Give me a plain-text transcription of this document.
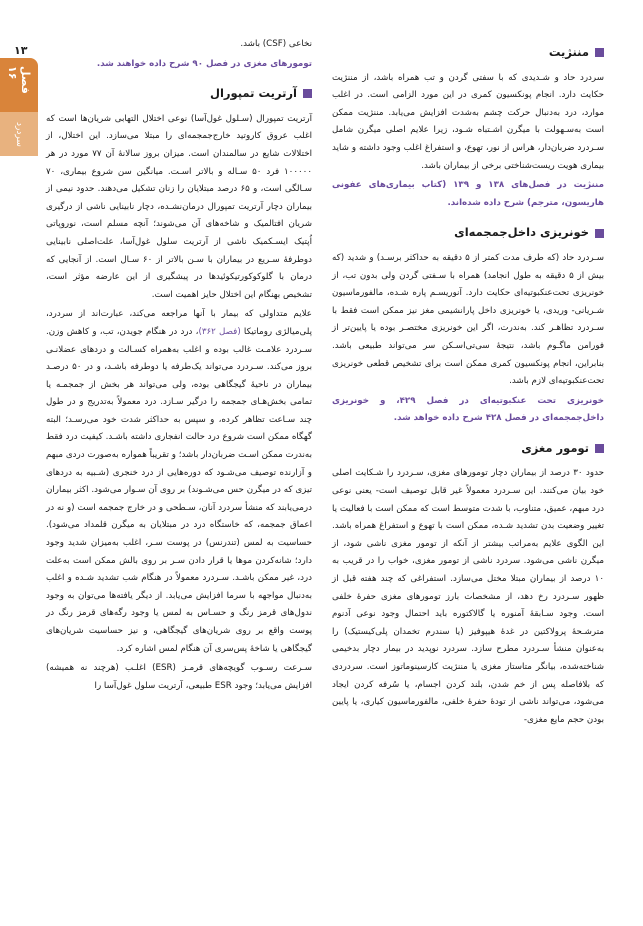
۱۳
فصل ۱۶
سردرد
مننژیت

سردرد حاد و شـدیدی که با سفتی گردن و تب همراه باشد، از مننژیت حکایت دارد. انجام پونکسیون کمری در این مورد الزامی است. در اغلب موارد، درد به‌دنبال حرکت چشم به‌شدت افزایش می‌یابد. مننژیت ممکن است به‌سـهولت با میگرن اشـتباه شـود، زیرا علایم اصلی میگرن شامل سـردرد ضربان‌دار، هراس از نور، تهوع، و استفراغ اغلب وجود داشته و شاید بیماری هویت ریست‌شناختی برخی از بیماران باشد.

مننژیت در فصل‌های ۱۳۸ و ۱۳۹ (کتاب بیماری‌های عفونی هاریسون، مترجم) شرح داده شده‌اند.

خونریزی داخل‌جمجمه‌ای

سـردرد حاد (که طرف مدت کمتر از ۵ دقیقه به حداکثر برسـد) و شدید (که بیش از ۵ دقیقه به طول انجامد) همراه با سـفتی گردن ولی بدون تب، از خونریزی تحت‌عنکبوتیه‌ای حکایت دارد. آنوریسـم پاره شـده، مالفورماسیون شـریانی- وریدی، یا خونریزی داخل پارانشیمی مغز نیز ممکن است فقط با سـردرد تظاهـر کند. به‌ندرت، اگر این خونریزی مختصـر بوده یا پایین‌تر از فورامن ماگـوم باشد، نتیجهٔ سی‌تی‌اسـکن سر می‌تواند طبیعی باشد. بنابراین، انجام پونکسیون کمری ممکن است برای تشخیص قطعی خونریزی تحت‌عنکبوتیه‌ای لازم باشد.

خونریزی تحت عنکبوتیه‌ای در فصل ۴۲۹، و خونریزی داخل‌جمجمه‌ای در فصل ۴۲۸ شرح داده خواهد شد.

تومور مغزی

حدود ۳۰ درصد از بیماران دچار تومورهای مغزی، سـردرد را شـکایت اصلی خود بیان می‌کنند. این سـردرد معمولاً غیر قابل توصیف است- یعنی نوعی درد مبهم، عمیق، متناوب، با شدت متوسط است که ممکن است با فعالیت یا تغییر وضعیت بدن تشدید شـده، ممکن است با تهوع و استفراغ همراه باشد. این الگوی علایم به‌مراتب بیشتر از آنکه از تومور مغزی ناشی شود، از میگرن ناشی می‌شود. سردرد ناشی از تومور مغزی، خواب را در قریب به ۱۰ درصد از بیماران مبتلا مختل می‌سازد. استفراغی که چند هفته قبل از ظهور سـردرد رخ دهد، از مشخصات بارز تومورهای مغزی حفرهٔ خلفی است. وجود سـابقهٔ آمنوره یا گالاکتوره باید احتمال وجود نوعی آدنوم مترشـحهٔ پرولاکتین در غدهٔ هیپوفیز (یا سندرم تخمدان پلی‌کیستیک) را به‌عنوان منشأ سـردرد مطرح سازد. سردرد نوپدید در بیمار دچار بدخیمی شناخته‌شده، بیانگر متاستاز مغزی یا مننژیت کارسینوماتوز است. سردردی که بلافاصله پس از خم شدن، بلند کردن اجسام، یا سُرفه کردن ایجاد می‌شود، می‌تواند ناشی از تودهٔ حفرهٔ خلفی، مالفورماسیون کیاری، یا پایین بودن حجم مایع مغزی-

نخاعی (CSF) باشد.

تومورهای مغزی در فصل ۹۰ شرح داده خواهند شد.

آرتریت تمپورال

آرتریت تمپورال (سـلول غول‌آسا) نوعی اختلال التهابی شریان‌ها است که اغلب عروق کاروتید خارج‌جمجمه‌ای را مبتلا می‌سازد. این اختلال، از اختلالات شایع در سالمندان است. میزان بروز سالانهٔ آن ۷۷ مورد در هر ۱۰۰۰۰۰ فرد ۵۰ سـاله و بالاتر اسـت. میانگین سن شروع بیماری، ۷۰ سـالگی است، و ۶۵ درصد مبتلایان را زنان تشکیل می‌دهند. حدود نیمی از بیماران دچار آرتریت تمپورال درمان‌نشـده، دچار نابینایی ناشی از درگیری شریان افتالمیک و شاخه‌های آن می‌شوند؛ آنچه مسلم است، نوروپاتی اُپتیک ایسـکمیک ناشی از آرتریت سلول غول‌آسا، علت‌اصلی نابینایی دوطرفهٔ سـریع در بیماران با سـن بالاتر از ۶۰ سـال است. از آنجایی که درمان با گلوکوکورتیکوئیدها در پیشگیری از این عارضه مؤثر است، تشخیص بهنگام این اختلال حایز اهمیت است.

علایم متداولی که بیمار با آنها مراجعه می‌کند، عبارت‌اند از سردرد، پلی‌میالژی روماتیکا (فصل ۳۶۲)، درد در هنگام جویدن، تب، و کاهش وزن. سـردرد علامـت غالب بوده و اغلب به‌همراه کسـالت و دردهای عضلانـی بروز می‌کند. سـردرد می‌تواند یک‌طرفه یا دوطرفه باشـد، و در ۵۰ درصـد بیماران در ناحیهٔ گیجگاهی بوده، ولی می‌تواند هر بخش از جمجمـه یا تمامی بخش‌هـای جمجمه را درگیر سـازد. درد معمولاً به‌تدریج و در طول چند سـاعت تظاهر کرده، و سپس به حداکثر شدت خود می‌رسـد؛ البته گهگاه ممکن است شروع درد حالت انفجاری داشته باشـد. کیفیت درد فقط به‌ندرت ممکن اسـت ضربان‌دار باشد؛ و تقریباً همواره به‌صورت دردی مبهم و آزارنده توصیف می‌شـود که دوره‌هایی از درد خنجری (شـبیه به دردهای تیزی که در میگرن حس می‌شـوند) بر روی آن سـوار می‌شود. اکثر بیماران درمی‌یابند که منشأ سردرد آنان، سـطحی و در خارج جمجمه است (و نه در اعماق جمجمه، که خاستگاه درد در مبتلایان به میگرن قلمداد می‌شود). حساسیت به لمس (تندرنس) در پوست سـر، اغلب به‌میزان شدید وجود دارد؛ شانه‌کردن موها یا قرار دادن سـر بر روی بالش ممکن است به‌علت درد، غیر ممکن باشـد. سـردرد معمولاً در هنگام شب تشدید شـده و اغلب به‌دنبال مواجهه با سرما افزایش می‌یابد. از دیگر یافته‌ها می‌توان به وجود ندول‌های قرمز رنگ و حسـاس به لمس یا وجود رگه‌های قرمز رنگ در پوست واقع بر روی شریان‌های گیجگاهی، و نیز حساسیت شریان‌های گیجگاهی یا شاخهٔ پس‌سری آن هنگام لمس اشاره کرد.

سـرعت رسـوب گویچه‌های قرمـز (ESR) اغلـب (هرچند نه همیشه) افزایش می‌یابد؛ وجود ESR طبیعی، آرتریت سلول غول‌آسا را
